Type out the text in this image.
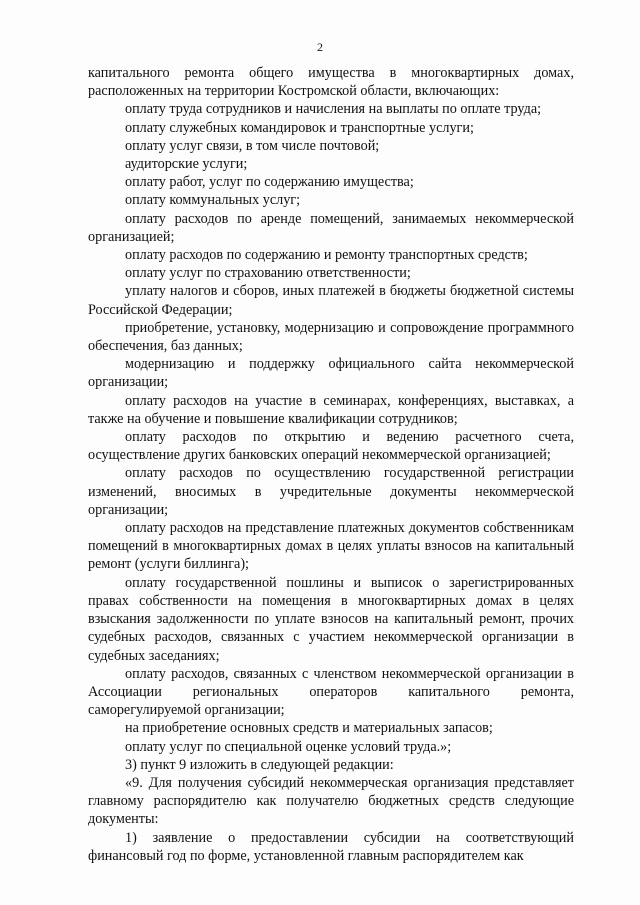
2

капитального ремонта общего имущества в многоквартирных домах, расположенных на территории Костромской области, включающих:

оплату труда сотрудников и начисления на выплаты по оплате труда;

оплату служебных командировок и транспортные услуги;

оплату услуг связи, в том числе почтовой;

аудиторские услуги;

оплату работ, услуг по содержанию имущества;

оплату коммунальных услуг;

оплату расходов по аренде помещений, занимаемых некоммерческой организацией;

оплату расходов по содержанию и ремонту транспортных средств;

оплату услуг по страхованию ответственности;

уплату налогов и сборов, иных платежей в бюджеты бюджетной системы Российской Федерации;

приобретение, установку, модернизацию и сопровождение программного обеспечения, баз данных;

модернизацию и поддержку официального сайта некоммерческой организации;

оплату расходов на участие в семинарах, конференциях, выставках, а также на обучение и повышение квалификации сотрудников;

оплату расходов по открытию и ведению расчетного счета, осуществление других банковских операций некоммерческой организацией;

оплату расходов по осуществлению государственной регистрации изменений, вносимых в учредительные документы некоммерческой организации;

оплату расходов на представление платежных документов собственникам помещений в многоквартирных домах в целях уплаты взносов на капитальный ремонт (услуги биллинга);

оплату государственной пошлины и выписок о зарегистрированных правах собственности на помещения в многоквартирных домах в целях взыскания задолженности по уплате взносов на капитальный ремонт, прочих судебных расходов, связанных с участием некоммерческой организации в судебных заседаниях;

оплату расходов, связанных с членством некоммерческой организации в Ассоциации региональных операторов капитального ремонта, саморегулируемой организации;

на приобретение основных средств и материальных запасов;

оплату услуг по специальной оценке условий труда.»;

3) пункт 9 изложить в следующей редакции:

«9. Для получения субсидий некоммерческая организация представляет главному распорядителю как получателю бюджетных средств следующие документы:

1) заявление о предоставлении субсидии на соответствующий финансовый год по форме, установленной главным распорядителем как
